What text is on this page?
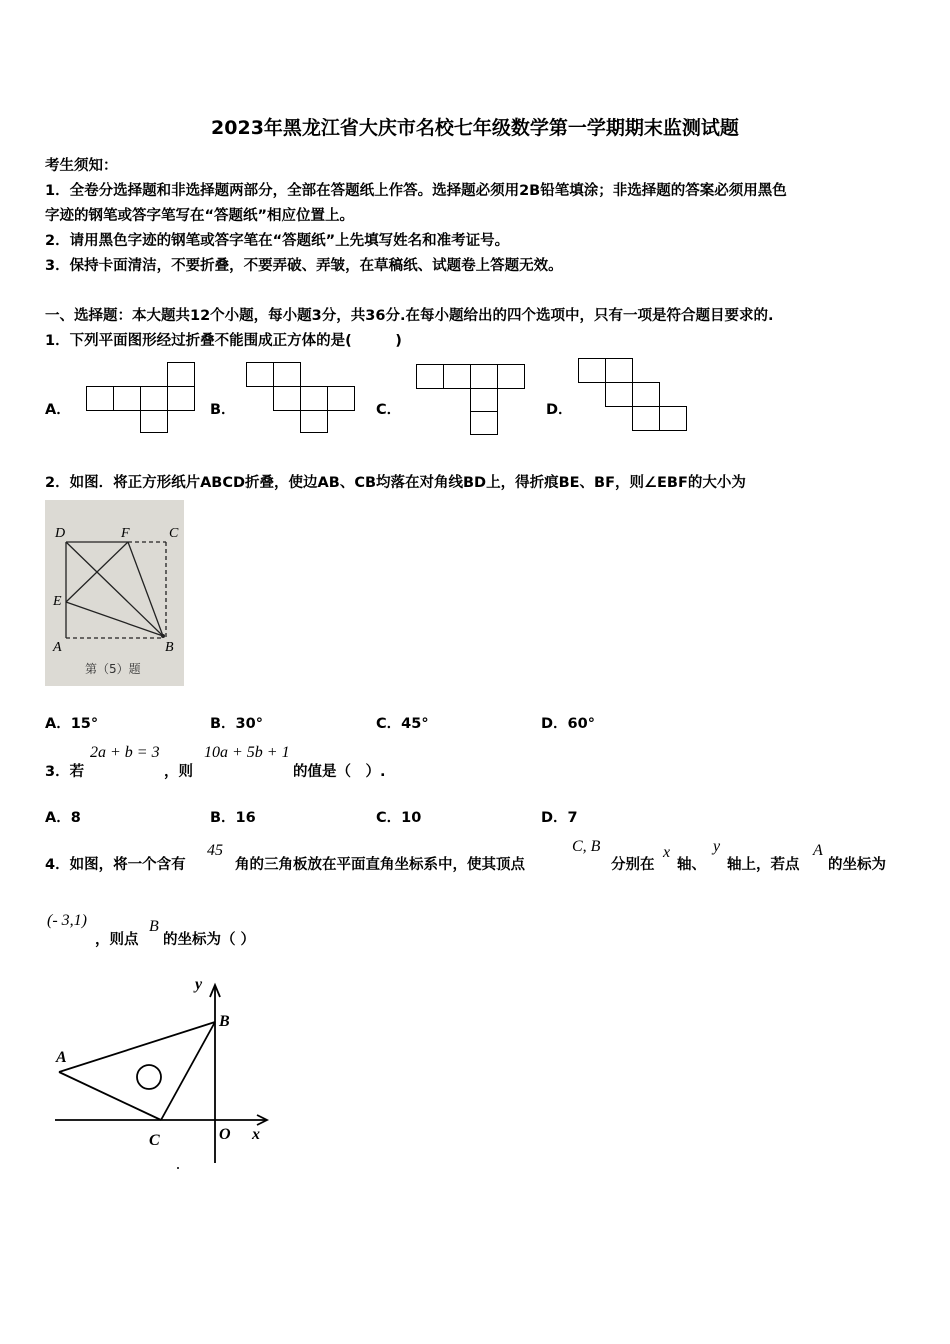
2023年黑龙江省大庆市名校七年级数学第一学期期末监测试题
考生须知：
1．全卷分选择题和非选择题两部分，全部在答题纸上作答。选择题必须用2B铅笔填涂；非选择题的答案必须用黑色
字迹的钢笔或答字笔写在“答题纸”相应位置上。
2．请用黑色字迹的钢笔或答字笔在“答题纸”上先填写姓名和准考证号。
3．保持卡面清洁，不要折叠，不要弄破、弄皱，在草稿纸、试题卷上答题无效。
一、选择题：本大题共12个小题，每小题3分，共36分.在每小题给出的四个选项中，只有一项是符合题目要求的.
1．下列平面图形经过折叠不能围成正方体的是(　　　)
A．	B．	C．	D．
2．如图．将正方形纸片ABCD折叠，使边AB、CB均落在对角线BD上，得折痕BE、BF，则∠EBF的大小为
D	F	C
E
A	B
第（5）题
A．15°	B．30°	C．45°	D．60°
3．若
2a + b = 3
，则
10a + 5b + 1
的值是（　）.
A．8	B．16	C．10	D．7
4．如图，将一个含有
45
角的三角板放在平面直角坐标系中，使其顶点
C, B
分别在
x
轴、
y
轴上，若点
A
的坐标为
(- 3,1)
，则点
B
的坐标为（ ）
y
B
A
C	O x
